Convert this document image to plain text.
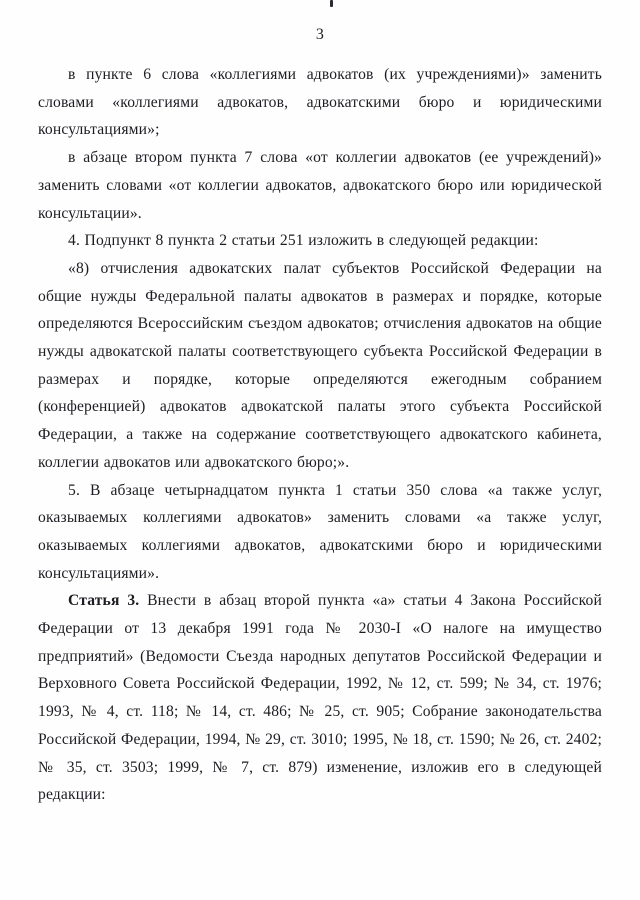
3

в пункте 6 слова «коллегиями адвокатов (их учреждениями)» заменить словами «коллегиями адвокатов, адвокатскими бюро и юридическими консультациями»;

в абзаце втором пункта 7 слова «от коллегии адвокатов (ее учреждений)» заменить словами «от коллегии адвокатов, адвокатского бюро или юридической консультации».

4. Подпункт 8 пункта 2 статьи 251 изложить в следующей редакции:

«8) отчисления адвокатских палат субъектов Российской Федерации на общие нужды Федеральной палаты адвокатов в размерах и порядке, которые определяются Всероссийским съездом адвокатов; отчисления адвокатов на общие нужды адвокатской палаты соответствующего субъекта Российской Федерации в размерах и порядке, которые определяются ежегодным собранием (конференцией) адвокатов адвокатской палаты этого субъекта Российской Федерации, а также на содержание соответствующего адвокатского кабинета, коллегии адвокатов или адвокатского бюро;».

5. В абзаце четырнадцатом пункта 1 статьи 350 слова «а также услуг, оказываемых коллегиями адвокатов» заменить словами «а также услуг, оказываемых коллегиями адвокатов, адвокатскими бюро и юридическими консультациями».

Статья 3. Внести в абзац второй пункта «а» статьи 4 Закона Российской Федерации от 13 декабря 1991 года № 2030-I «О налоге на имущество предприятий» (Ведомости Съезда народных депутатов Российской Федерации и Верховного Совета Российской Федерации, 1992, № 12, ст. 599; № 34, ст. 1976; 1993, № 4, ст. 118; № 14, ст. 486; № 25, ст. 905; Собрание законодательства Российской Федерации, 1994, № 29, ст. 3010; 1995, № 18, ст. 1590; № 26, ст. 2402; № 35, ст. 3503; 1999, № 7, ст. 879) изменение, изложив его в следующей редакции:
